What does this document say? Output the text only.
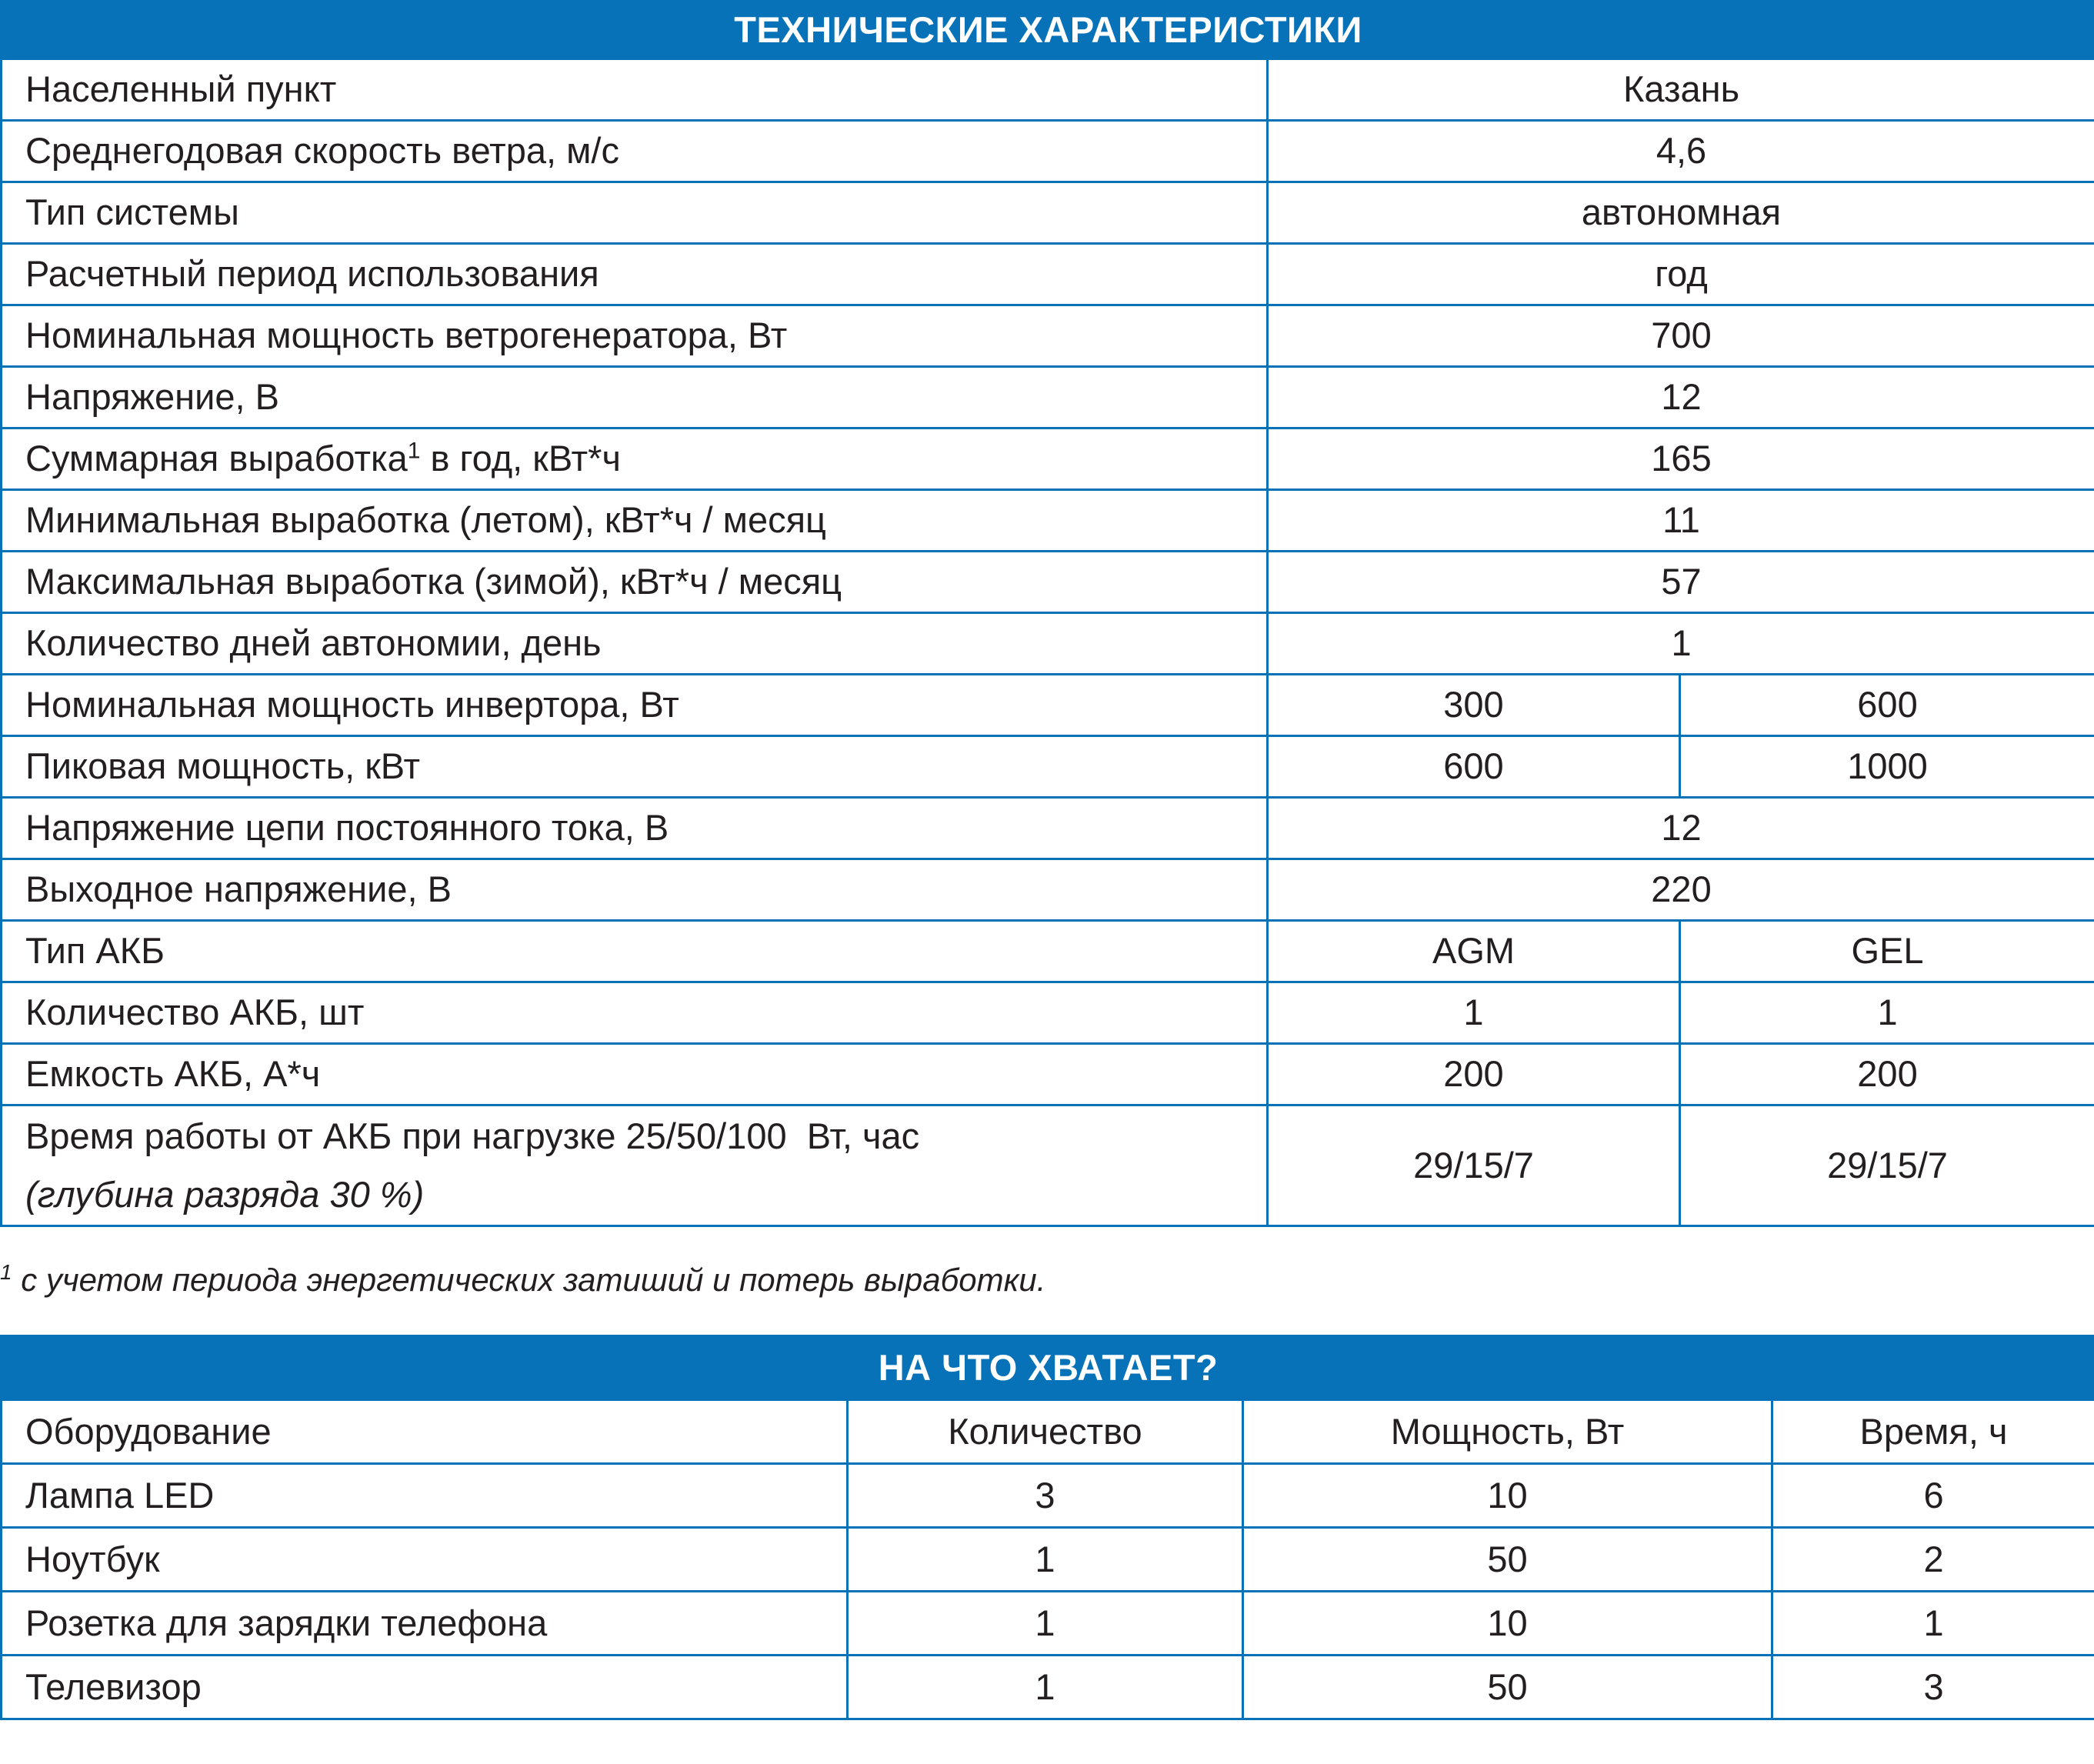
ТЕХНИЧЕСКИЕ ХАРАКТЕРИСТИКИ		
Населенный пункт	Казань	
Среднегодовая скорость ветра, м/с	4,6	
Тип системы	автономная	
Расчетный период использования	год	
Номинальная мощность ветрогенератора, Вт	700	
Напряжение, В	12	
Суммарная выработка$^1$ в год, кВт*ч	165	
Минимальная выработка (летом), кВт*ч / месяц	11	
Максимальная выработка (зимой), кВт*ч / месяц	57	
Количество дней автономии, день	1	
Номинальная мощность инвертора, Вт	300	600
Пиковая мощность, кВт	600	1000
Напряжение цепи постоянного тока, В	12	
Выходное напряжение, В	220	
Тип АКБ	AGM	GEL
Количество АКБ, шт	1	1
Емкость АКБ, А*ч	200	200

Время работы от АКБ при нагрузке 25/50/100  Вт, час
(глубина разряда 30 %)	29/15/7	29/15/7
$^1$ с учетом периода энергетических затиший и потерь выработки.
НА ЧТО ХВАТАЕТ?			
Оборудование	Количество	Мощность, Вт	Время, ч
Лампа LED	3	10	6
Ноутбук	1	50	2
Розетка для зарядки телефона	1	10	1
Телевизор	1	50	3
